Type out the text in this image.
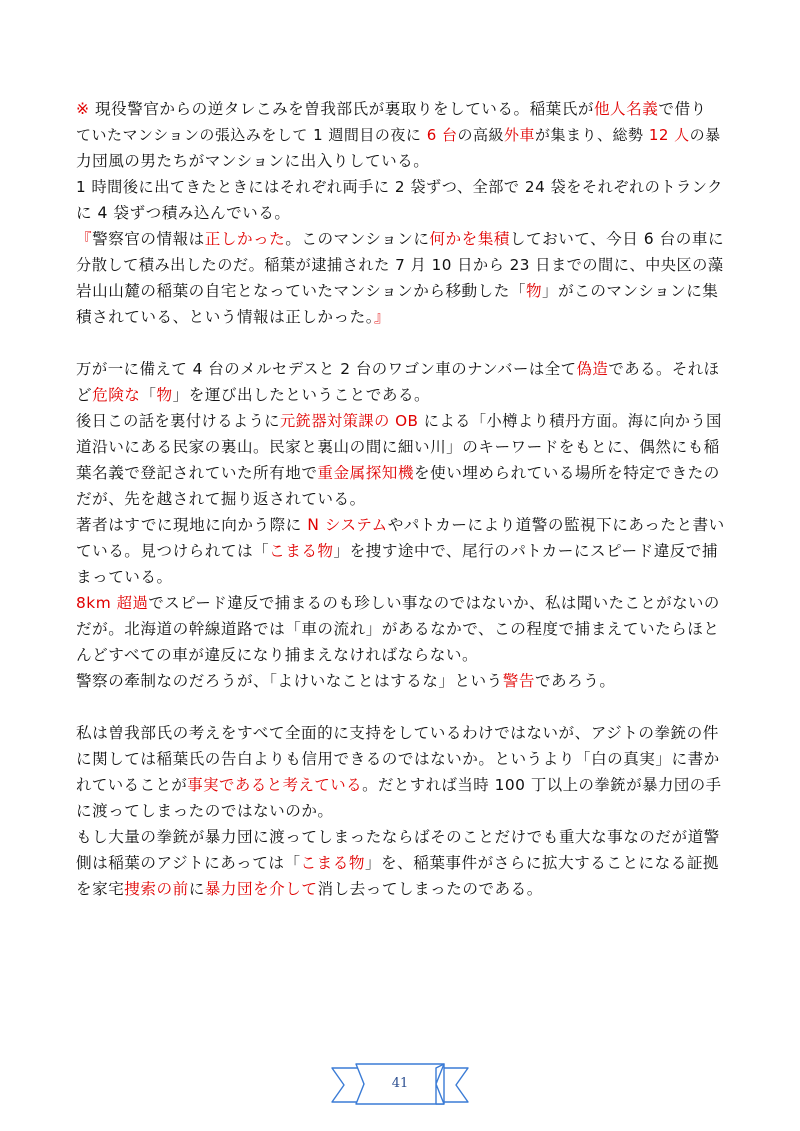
※ 現役警官からの逆タレこみを曽我部氏が裏取りをしている。稲葉氏が他人名義で借り
ていたマンションの張込みをして 1 週間目の夜に 6 台の高級外車が集まり、総勢 12 人の暴
力団風の男たちがマンションに出入りしている。
1 時間後に出てきたときにはそれぞれ両手に 2 袋ずつ、全部で 24 袋をそれぞれのトランク
に 4 袋ずつ積み込んでいる。
『警察官の情報は正しかった。このマンションに何かを集積しておいて、今日 6 台の車に
分散して積み出したのだ。稲葉が逮捕された 7 月 10 日から 23 日までの間に、中央区の藻
岩山山麓の稲葉の自宅となっていたマンションから移動した「物」がこのマンションに集
積されている、という情報は正しかった。』
万が一に備えて 4 台のメルセデスと 2 台のワゴン車のナンバーは全て偽造である。それほ
ど危険な「物」を運び出したということである。
後日この話を裏付けるように元銃器対策課の OB による「小樽より積丹方面。海に向かう国
道沿いにある民家の裏山。民家と裏山の間に細い川」のキーワードをもとに、偶然にも稲
葉名義で登記されていた所有地で重金属探知機を使い埋められている場所を特定できたの
だが、先を越されて掘り返されている。
著者はすでに現地に向かう際に N システムやパトカーにより道警の監視下にあったと書い
ている。見つけられては「こまる物」を捜す途中で、尾行のパトカーにスピード違反で捕
まっている。
8km 超過でスピード違反で捕まるのも珍しい事なのではないか、私は聞いたことがないの
だが。北海道の幹線道路では「車の流れ」があるなかで、この程度で捕まえていたらほと
んどすべての車が違反になり捕まえなければならない。
警察の牽制なのだろうが、「よけいなことはするな」という警告であろう。
私は曽我部氏の考えをすべて全面的に支持をしているわけではないが、アジトの拳銃の件
に関しては稲葉氏の告白よりも信用できるのではないか。というより「白の真実」に書か
れていることが事実であると考えている。だとすれば当時 100 丁以上の拳銃が暴力団の手
に渡ってしまったのではないのか。
もし大量の拳銃が暴力団に渡ってしまったならばそのことだけでも重大な事なのだが道警
側は稲葉のアジトにあっては「こまる物」を、稲葉事件がさらに拡大することになる証拠
を家宅捜索の前に暴力団を介して消し去ってしまったのである。
41
